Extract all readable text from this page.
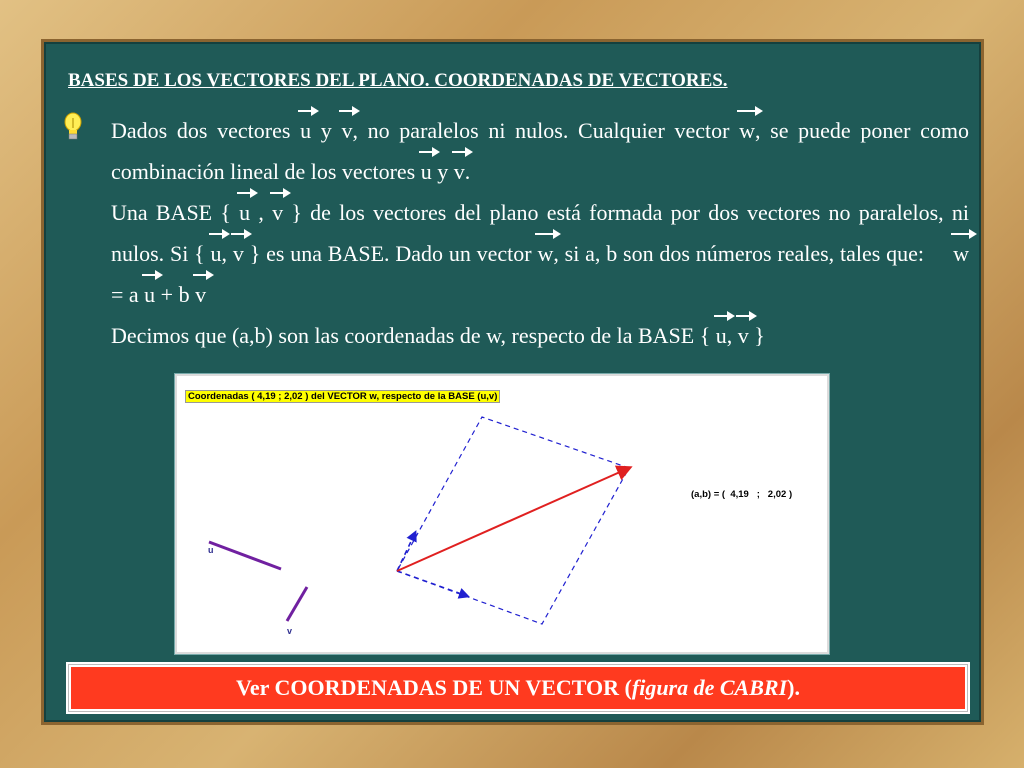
BASES DE LOS VECTORES DEL PLANO. COORDENADAS DE VECTORES.
Dados dos vectores u y v, no paralelos ni nulos. Cualquier vector w, se puede poner como combinación lineal de los vectores u y v.
Una BASE { u , v } de los vectores del plano está formada por dos vectores no paralelos, ni nulos. Si { u, v } es una BASE. Dado un vector w, si a, b son dos números reales, tales que:     w = a u + b v
Decimos que (a,b) son las coordenadas de w, respecto de la BASE { u, v }
Coordenadas ( 4,19 ; 2,02 ) del VECTOR w, respecto de la BASE (u,v)
u
v
(a,b) = (  4,19   ;   2,02 )
Ver COORDENADAS DE UN VECTOR (figura de CABRI).
